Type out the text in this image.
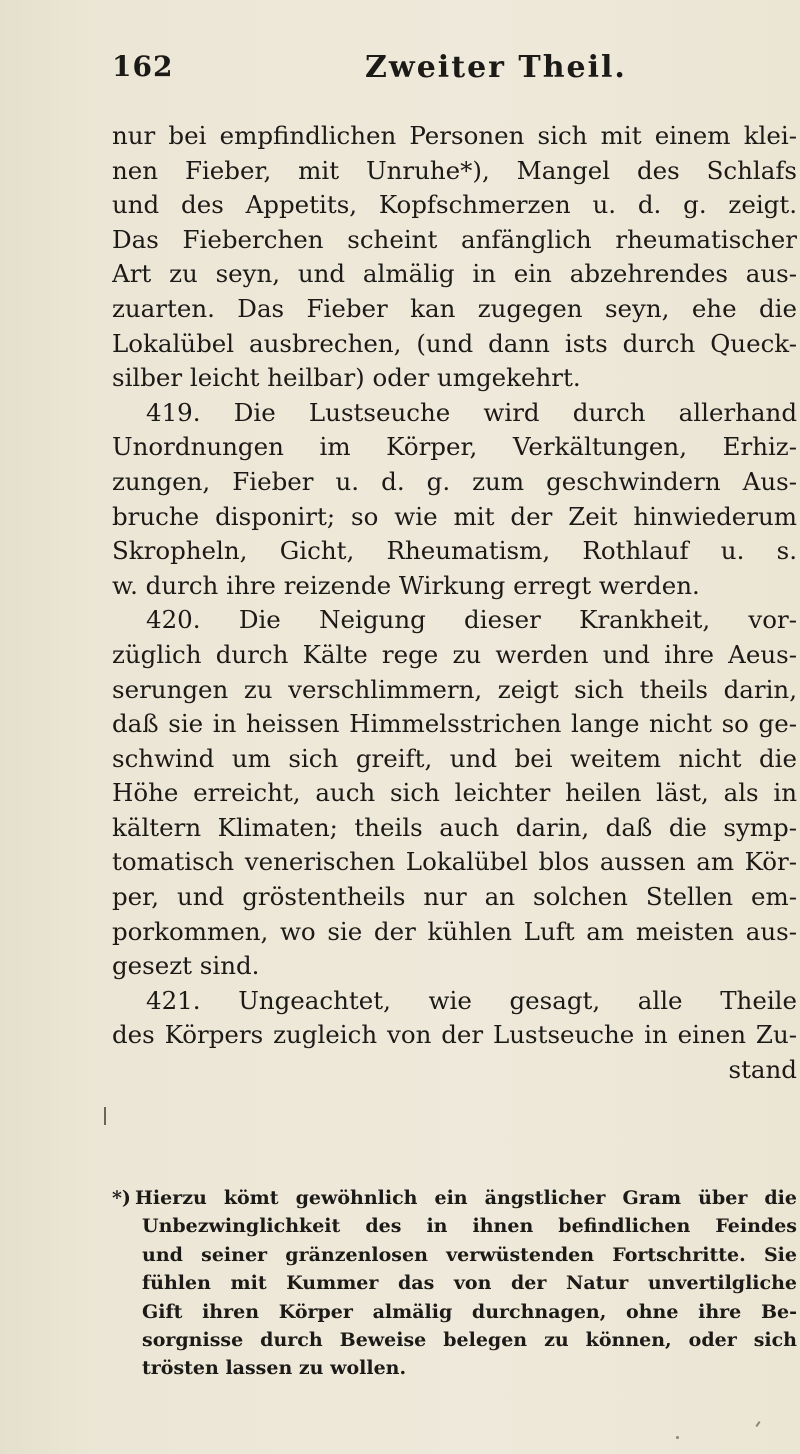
162	Zweiter Theil.
nur bei empfindlichen Personen sich mit einem klei-
nen Fieber, mit Unruhe*), Mangel des Schlafs
und des Appetits, Kopfschmerzen u. d. g. zeigt.
Das Fieberchen scheint anfänglich rheumatischer
Art zu seyn, und almälig in ein abzehrendes aus-
zuarten. Das Fieber kan zugegen seyn, ehe die
Lokalübel ausbrechen, (und dann ists durch Queck-
silber leicht heilbar) oder umgekehrt.
419. Die Lustseuche wird durch allerhand
Unordnungen im Körper, Verkältungen, Erhiz-
zungen, Fieber u. d. g. zum geschwindern Aus-
bruche disponirt; so wie mit der Zeit hinwiederum
Skropheln, Gicht, Rheumatism, Rothlauf u. s.
w. durch ihre reizende Wirkung erregt werden.
420. Die Neigung dieser Krankheit, vor-
züglich durch Kälte rege zu werden und ihre Aeus-
serungen zu verschlimmern, zeigt sich theils darin,
daß sie in heissen Himmelsstrichen lange nicht so ge-
schwind um sich greift, und bei weitem nicht die
Höhe erreicht, auch sich leichter heilen läst, als in
kältern Klimaten; theils auch darin, daß die symp-
tomatisch venerischen Lokalübel blos aussen am Kör-
per, und gröstentheils nur an solchen Stellen em-
porkommen, wo sie der kühlen Luft am meisten aus-
gesezt sind.
421. Ungeachtet, wie gesagt, alle Theile
des Körpers zugleich von der Lustseuche in einen Zu-
stand
*) Hierzu kömt gewöhnlich ein ängstlicher Gram über die
Unbezwinglichkeit des in ihnen befindlichen Feindes
und seiner gränzenlosen verwüstenden Fortschritte. Sie
fühlen mit Kummer das von der Natur unvertilgliche
Gift ihren Körper almälig durchnagen, ohne ihre Be-
sorgnisse durch Beweise belegen zu können, oder sich
trösten lassen zu wollen.
